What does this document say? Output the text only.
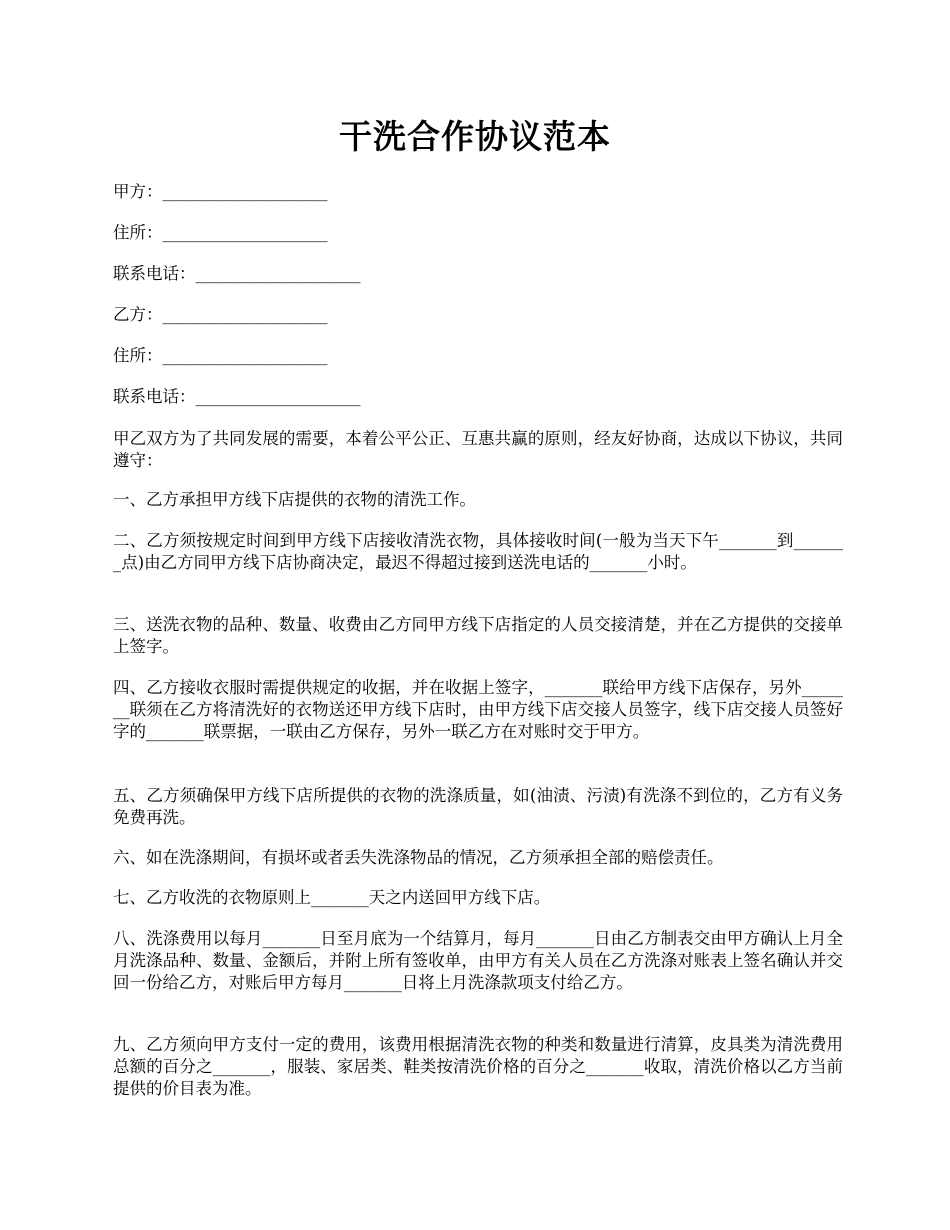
干洗合作协议范本

甲方：____________________

住所：____________________

联系电话：____________________

乙方：____________________

住所：____________________

联系电话：____________________

甲乙双方为了共同发展的需要，本着公平公正、互惠共赢的原则，经友好协商，达成以下协议，共同遵守：

一、乙方承担甲方线下店提供的衣物的清洗工作。

二、乙方须按规定时间到甲方线下店接收清洗衣物，具体接收时间(一般为当天下午_______到_______点)由乙方同甲方线下店协商决定，最迟不得超过接到送洗电话的_______小时。

三、送洗衣物的品种、数量、收费由乙方同甲方线下店指定的人员交接清楚，并在乙方提供的交接单上签字。

四、乙方接收衣服时需提供规定的收据，并在收据上签字，_______联给甲方线下店保存，另外_______联须在乙方将清洗好的衣物送还甲方线下店时，由甲方线下店交接人员签字，线下店交接人员签好字的_______联票据，一联由乙方保存，另外一联乙方在对账时交于甲方。

五、乙方须确保甲方线下店所提供的衣物的洗涤质量，如(油渍、污渍)有洗涤不到位的，乙方有义务免费再洗。

六、如在洗涤期间，有损坏或者丢失洗涤物品的情况，乙方须承担全部的赔偿责任。

七、乙方收洗的衣物原则上_______天之内送回甲方线下店。

八、洗涤费用以每月_______日至月底为一个结算月，每月_______日由乙方制表交由甲方确认上月全月洗涤品种、数量、金额后，并附上所有签收单，由甲方有关人员在乙方洗涤对账表上签名确认并交回一份给乙方，对账后甲方每月_______日将上月洗涤款项支付给乙方。

九、乙方须向甲方支付一定的费用，该费用根据清洗衣物的种类和数量进行清算，皮具类为清洗费用总额的百分之_______，服装、家居类、鞋类按清洗价格的百分之_______收取，清洗价格以乙方当前提供的价目表为准。
